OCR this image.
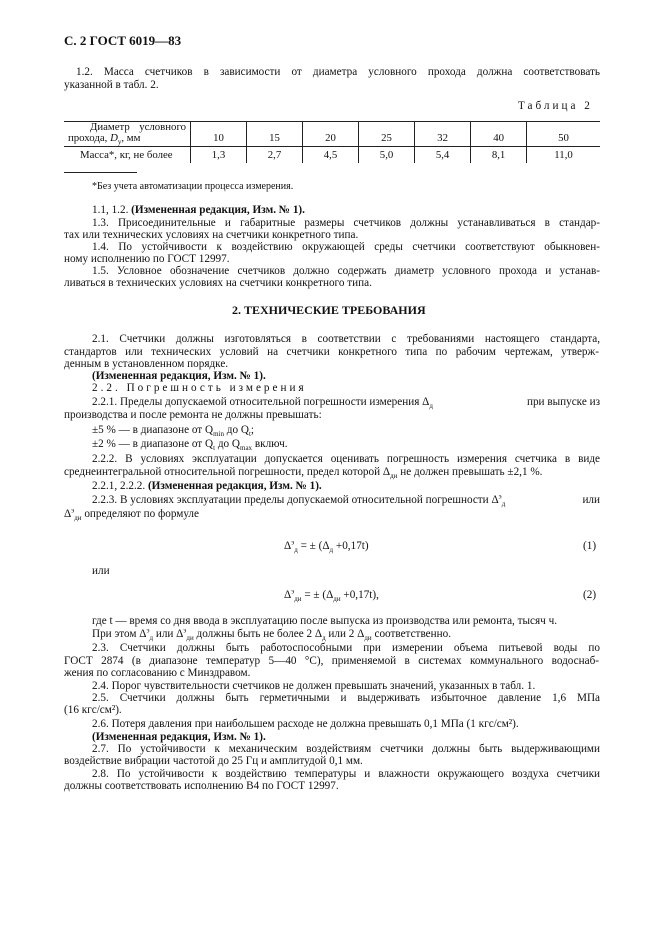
С. 2 ГОСТ 6019—83
1.2. Масса счетчиков в зависимости от диаметра условного прохода должна соответствовать
указанной в табл. 2.
Таблица 2
Диаметр условного
прохода, $D_у$, мм	10	15	20	25	32	40	50
Масса*, кг, не более	1,3	2,7	4,5	5,0	5,4	8,1	11,0
*Без учета автоматизации процесса измерения.
1.1, 1.2. (Измененная редакция, Изм. № 1).
1.3. Присоединительные и габаритные размеры счетчиков должны устанавливаться в стандар-
тах или технических условиях на счетчики конкретного типа.
1.4. По устойчивости к воздействию окружающей среды счетчики соответствуют обыкновен-
ному исполнению по ГОСТ 12997.
1.5. Условное обозначение счетчиков должно содержать диаметр условного прохода и устанав-
ливаться в технических условиях на счетчики конкретного типа.
2. ТЕХНИЧЕСКИЕ ТРЕБОВАНИЯ
2.1. Счетчики должны изготовляться в соответствии с требованиями настоящего стандарта,
стандартов или технических условий на счетчики конкретного типа по рабочим чертежам, утверж-
денным в установленном порядке.
(Измененная редакция, Изм. № 1).
2.2. Погрешность измерения
2.2.1. Пределы допускаемой относительной погрешности измерения $\Delta_д$	при выпуске из
производства и после ремонта не должны превышать:
±5 % — в диапазоне от $Q_{min}$ до $Q_t$;
±2 % — в диапазоне от $Q_t$ до $Q_{max}$ включ.
2.2.2. В условиях эксплуатации допускается оценивать погрешность измерения счетчика в виде
среднеинтегральной относительной погрешности, предел которой $\Delta_{ди}$ не должен превышать ±2,1 %.
2.2.1, 2.2.2. (Измененная редакция, Изм. № 1).
2.2.3. В условиях эксплуатации пределы допускаемой относительной погрешности $\Delta^э_д$	или
$\Delta^э_{ди}$ определяют по формуле
$\Delta^э_д$ = ± $(\Delta_д +0,17t)$	(1)
или
$\Delta^э_{ди}$ = ± $(\Delta_{ди} +0,17t)$,	(2)
где t — время со дня ввода в эксплуатацию после выпуска из производства или ремонта, тысяч ч.
При этом $\Delta^э_д$ или $\Delta^э_{ди}$ должны быть не более 2 $\Delta_д$ или 2 $\Delta_{ди}$ соответственно.
2.3. Счетчики должны быть работоспособными при измерении объема питьевой воды по
ГОСТ 2874 (в диапазоне температур 5—40 °С), применяемой в системах коммунального водоснаб-
жения по согласованию с Минздравом.
2.4. Порог чувствительности счетчиков не должен превышать значений, указанных в табл. 1.
2.5. Счетчики должны быть герметичными и выдерживать избыточное давление 1,6 МПа
(16 кгс/см²).
2.6. Потеря давления при наибольшем расходе не должна превышать 0,1 МПа (1 кгс/см²).
(Измененная редакция, Изм. № 1).
2.7. По устойчивости к механическим воздействиям счетчики должны быть выдерживающими
воздействие вибрации частотой до 25 Гц и амплитудой 0,1 мм.
2.8. По устойчивости к воздействию температуры и влажности окружающего воздуха счетчики
должны соответствовать исполнению В4 по ГОСТ 12997.
